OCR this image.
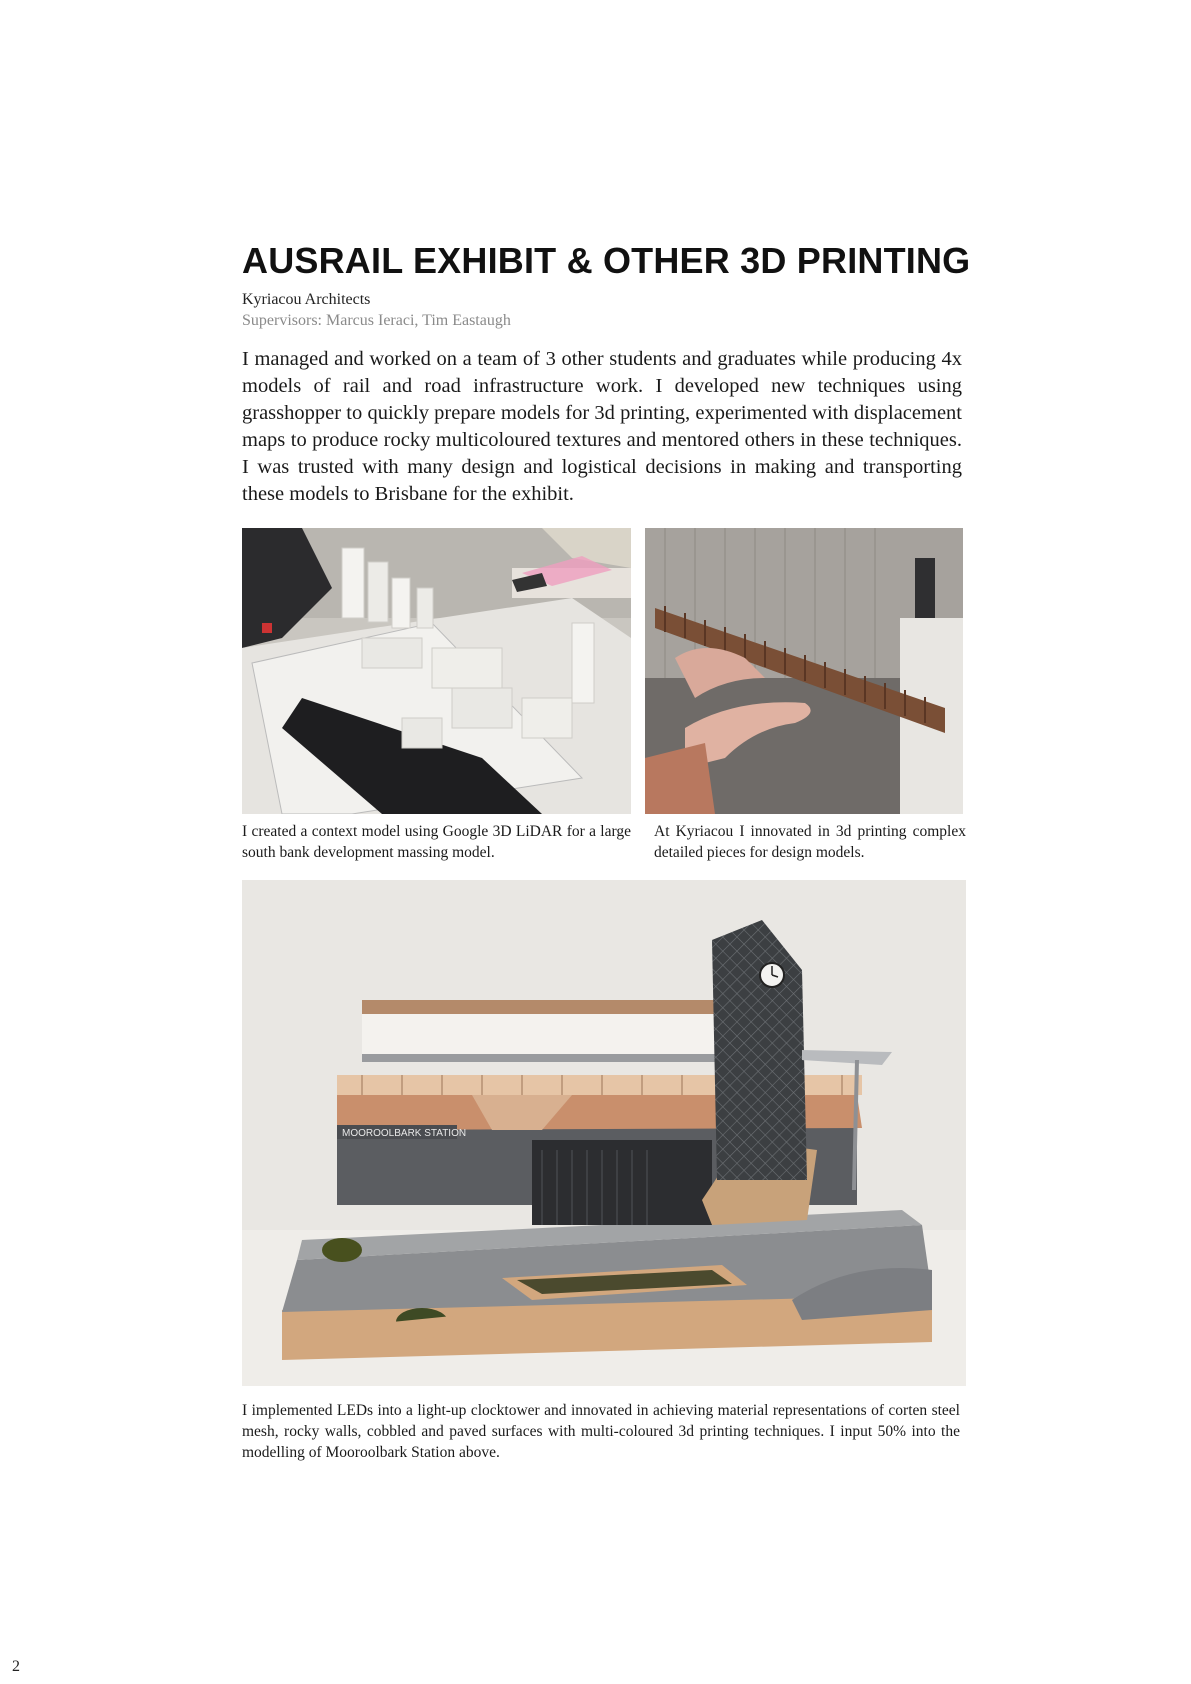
AUSRAIL EXHIBIT & OTHER 3D PRINTING
Kyriacou Architects
Supervisors: Marcus Ieraci, Tim Eastaugh

I managed and worked on a team of 3 other students and graduates while producing 4x models of rail and road infrastructure work. I developed new techniques using grasshopper to quickly prepare models for 3d printing, experimented with displacement maps to produce rocky multicoloured textures and mentored others in these techniques. I was trusted with many design and logistical decisions in making and transporting these models to Brisbane for the exhibit.

I created a context model using Google 3D LiDAR for a large south bank development massing model.

At Kyriacou I innovated in 3d printing complex detailed pieces for design models.

MOOROOLBARK STATION

I implemented LEDs into a light-up clocktower and innovated in achieving material representations of corten steel mesh, rocky walls, cobbled and paved surfaces with multi-coloured 3d printing techniques. I input 50% into the modelling of Mooroolbark Station above.

2
